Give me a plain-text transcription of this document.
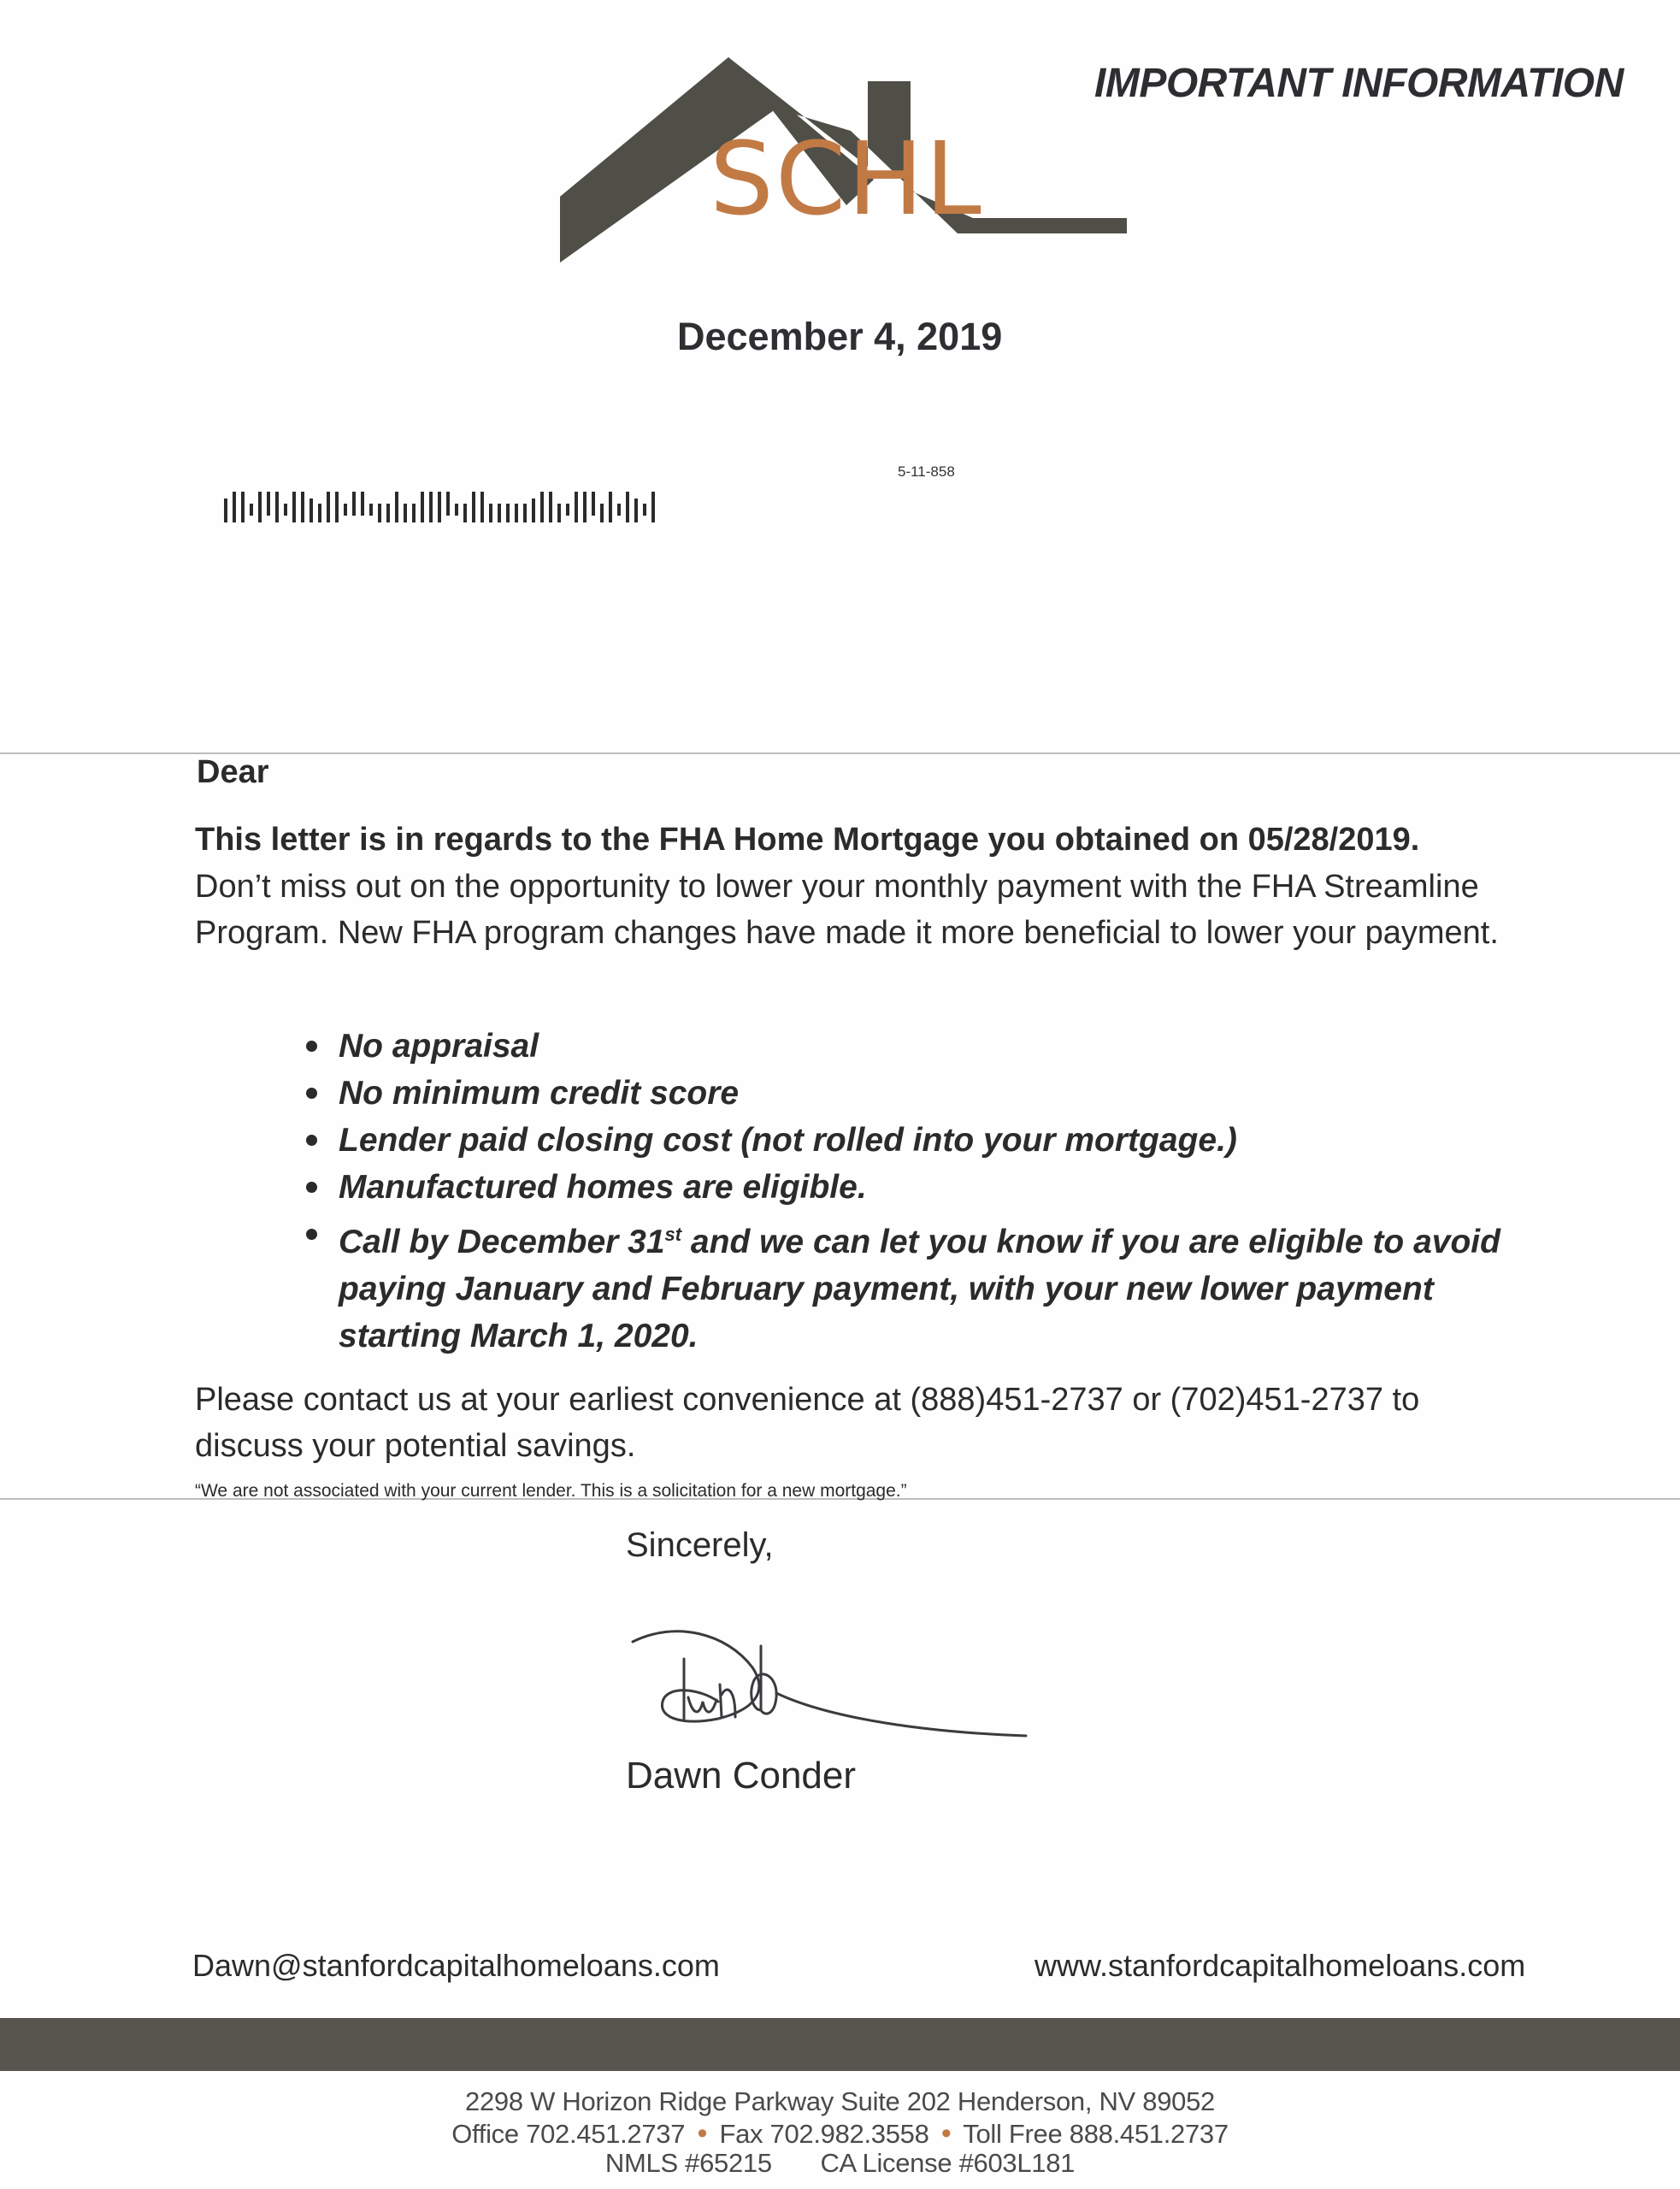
SCHL
IMPORTANT INFORMATION
December 4, 2019
5-11-858
Dear
This letter is in regards to the FHA Home Mortgage you obtained on 05/28/2019.
Don’t miss out on the opportunity to lower your monthly payment with the FHA Streamline Program. New FHA program changes have made it more beneficial to lower your payment.
No appraisal
No minimum credit score
Lender paid closing cost (not rolled into your mortgage.)
Manufactured homes are eligible.
Call by December 31st and we can let you know if you are eligible to avoid paying January and February payment, with your new lower payment starting March 1, 2020.
Please contact us at your earliest convenience at (888)451-2737 or (702)451-2737 to discuss your potential savings.
“We are not associated with your current lender. This is a solicitation for a new mortgage.”
Sincerely,
Dawn Conder
Dawn@stanfordcapitalhomeloans.com	www.stanfordcapitalhomeloans.com
2298 W Horizon Ridge Parkway Suite 202 Henderson, NV 89052
Office 702.451.2737 • Fax 702.982.3558 • Toll Free 888.451.2737
NMLS #65215 CA License #603L181
